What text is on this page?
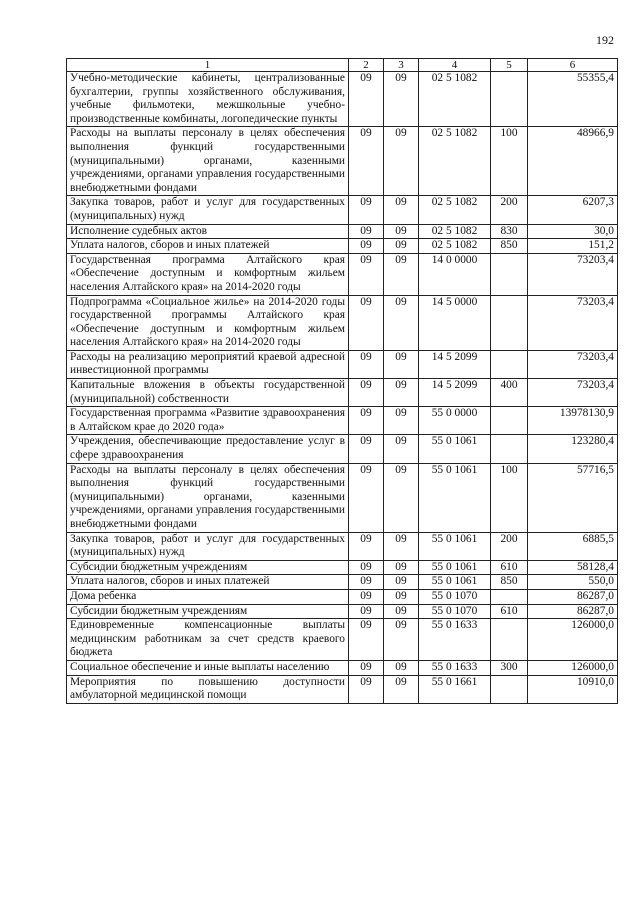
192
1	2	3	4	5	6
Учебно-методические кабинеты, централизованные бухгалтерии, группы хозяйственного обслуживания, учебные фильмотеки, межшкольные учебно-производственные комбинаты, логопедические пункты	09	09	02 5 1082		55355,4
Расходы на выплаты персоналу в целях обеспечения выполнения функций государственными (муниципальными) органами, казенными учреждениями, органами управления государственными внебюджетными фондами	09	09	02 5 1082	100	48966,9
Закупка товаров, работ и услуг для государственных (муниципальных) нужд	09	09	02 5 1082	200	6207,3
Исполнение судебных актов	09	09	02 5 1082	830	30,0
Уплата налогов, сборов и иных платежей	09	09	02 5 1082	850	151,2
Государственная программа Алтайского края «Обеспечение доступным и комфортным жильем населения Алтайского края» на 2014-2020 годы	09	09	14 0 0000		73203,4
Подпрограмма «Социальное жилье» на 2014-2020 годы государственной программы Алтайского края «Обеспечение доступным и комфортным жильем населения Алтайского края» на 2014-2020 годы	09	09	14 5 0000		73203,4
Расходы на реализацию мероприятий краевой адресной инвестиционной программы	09	09	14 5 2099		73203,4
Капитальные вложения в объекты государственной (муниципальной) собственности	09	09	14 5 2099	400	73203,4
Государственная программа «Развитие здравоохранения в Алтайском крае до 2020 года»	09	09	55 0 0000		13978130,9
Учреждения, обеспечивающие предоставление услуг в сфере здравоохранения	09	09	55 0 1061		123280,4
Расходы на выплаты персоналу в целях обеспечения выполнения функций государственными (муниципальными) органами, казенными учреждениями, органами управления государственными внебюджетными фондами	09	09	55 0 1061	100	57716,5
Закупка товаров, работ и услуг для государственных (муниципальных) нужд	09	09	55 0 1061	200	6885,5
Субсидии бюджетным учреждениям	09	09	55 0 1061	610	58128,4
Уплата налогов, сборов и иных платежей	09	09	55 0 1061	850	550,0
Дома ребенка	09	09	55 0 1070		86287,0
Субсидии бюджетным учреждениям	09	09	55 0 1070	610	86287,0
Единовременные компенсационные выплаты медицинским работникам за счет средств краевого бюджета	09	09	55 0 1633		126000,0
Социальное обеспечение и иные выплаты населению	09	09	55 0 1633	300	126000,0
Мероприятия по повышению доступности амбулаторной медицинской помощи	09	09	55 0 1661		10910,0
